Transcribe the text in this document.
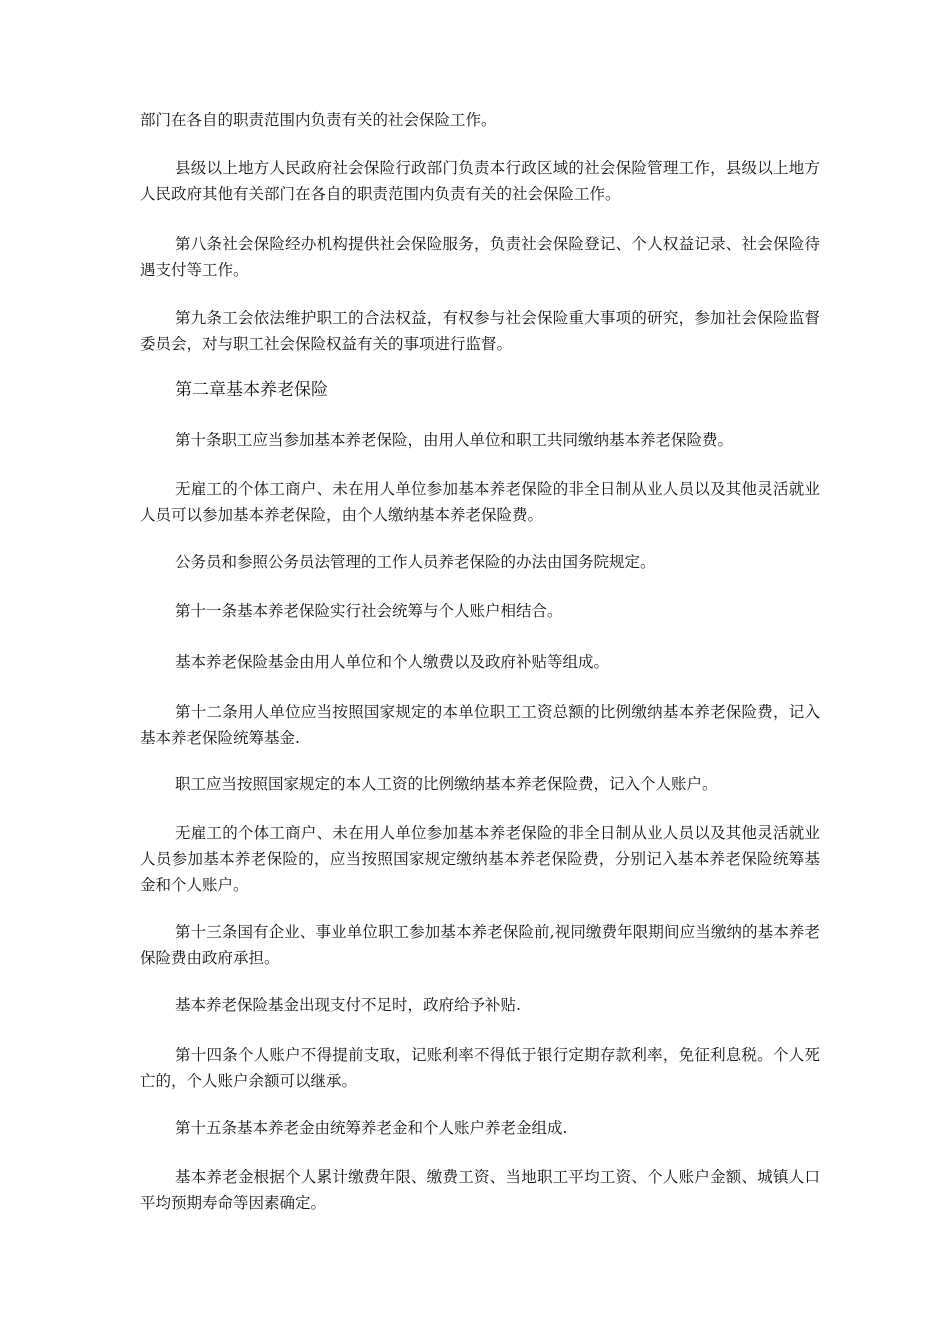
部门在各自的职责范围内负责有关的社会保险工作。

县级以上地方人民政府社会保险行政部门负责本行政区域的社会保险管理工作，县级以上地方人民政府其他有关部门在各自的职责范围内负责有关的社会保险工作。

第八条社会保险经办机构提供社会保险服务，负责社会保险登记、个人权益记录、社会保险待遇支付等工作。

第九条工会依法维护职工的合法权益，有权参与社会保险重大事项的研究，参加社会保险监督委员会，对与职工社会保险权益有关的事项进行监督。

第二章基本养老保险

第十条职工应当参加基本养老保险，由用人单位和职工共同缴纳基本养老保险费。

无雇工的个体工商户、未在用人单位参加基本养老保险的非全日制从业人员以及其他灵活就业人员可以参加基本养老保险，由个人缴纳基本养老保险费。

公务员和参照公务员法管理的工作人员养老保险的办法由国务院规定。

第十一条基本养老保险实行社会统筹与个人账户相结合。

基本养老保险基金由用人单位和个人缴费以及政府补贴等组成。

第十二条用人单位应当按照国家规定的本单位职工工资总额的比例缴纳基本养老保险费，记入基本养老保险统筹基金.

职工应当按照国家规定的本人工资的比例缴纳基本养老保险费，记入个人账户。

无雇工的个体工商户、未在用人单位参加基本养老保险的非全日制从业人员以及其他灵活就业人员参加基本养老保险的，应当按照国家规定缴纳基本养老保险费，分别记入基本养老保险统筹基金和个人账户。

第十三条国有企业、事业单位职工参加基本养老保险前,视同缴费年限期间应当缴纳的基本养老保险费由政府承担。

基本养老保险基金出现支付不足时，政府给予补贴.

第十四条个人账户不得提前支取，记账利率不得低于银行定期存款利率，免征利息税。个人死亡的，个人账户余额可以继承。

第十五条基本养老金由统筹养老金和个人账户养老金组成.

基本养老金根据个人累计缴费年限、缴费工资、当地职工平均工资、个人账户金额、城镇人口平均预期寿命等因素确定。
